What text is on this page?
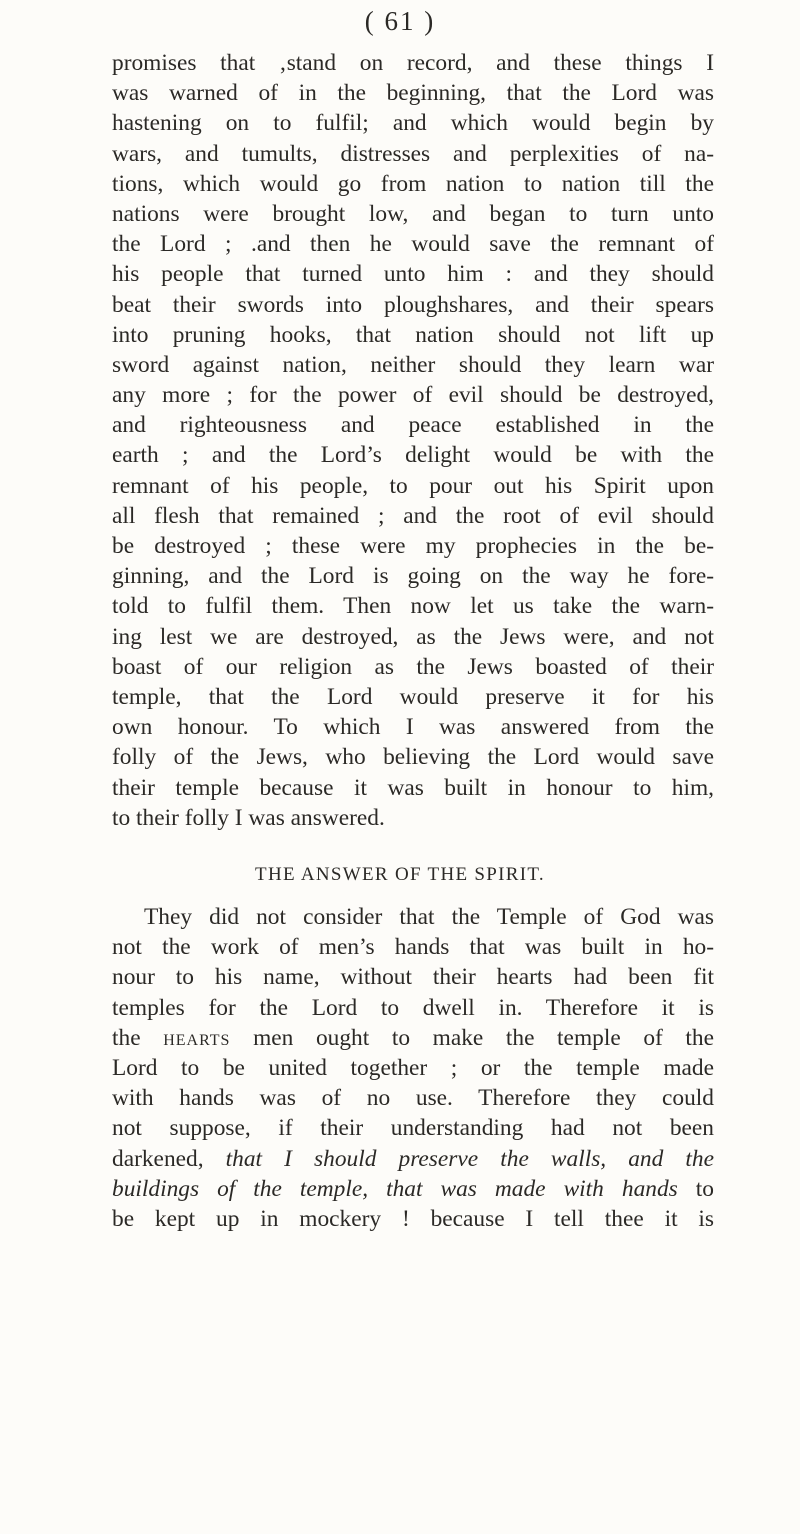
( 61 )
promises that ‚stand on record, and these things I
was warned of in the beginning, that the Lord was
hastening on to fulfil; and which would begin by
wars, and tumults, distresses and perplexities of na-
tions, which would go from nation to nation till the
nations were brought low, and began to turn unto
the Lord ; .and then he would save the remnant of
his people that turned unto him : and they should
beat their swords into ploughshares, and their spears
into pruning hooks, that nation should not lift up
sword against nation, neither should they learn war
any more ; for the power of evil should be destroyed,
and righteousness and peace established in the
earth ; and the Lord’s delight would be with the
remnant of his people, to pour out his Spirit upon
all flesh that remained ; and the root of evil should
be destroyed ; these were my prophecies in the be-
ginning, and the Lord is going on the way he fore-
told to fulfil them. Then now let us take the warn-
ing lest we are destroyed, as the Jews were, and not
boast of our religion as the Jews boasted of their
temple, that the Lord would preserve it for his
own honour. To which I was answered from the
folly of the Jews, who believing the Lord would save
their temple because it was built in honour to him,
to their folly I was answered.
THE ANSWER OF THE SPIRIT.
They did not consider that the Temple of God was
not the work of men’s hands that was built in ho-
nour to his name, without their hearts had been fit
temples for the Lord to dwell in. Therefore it is
the hearts men ought to make the temple of the
Lord to be united together ; or the temple made
with hands was of no use. Therefore they could
not suppose, if their understanding had not been
darkened, that I should preserve the walls, and the
buildings of the temple, that was made with hands to
be kept up in mockery ! because I tell thee it is
